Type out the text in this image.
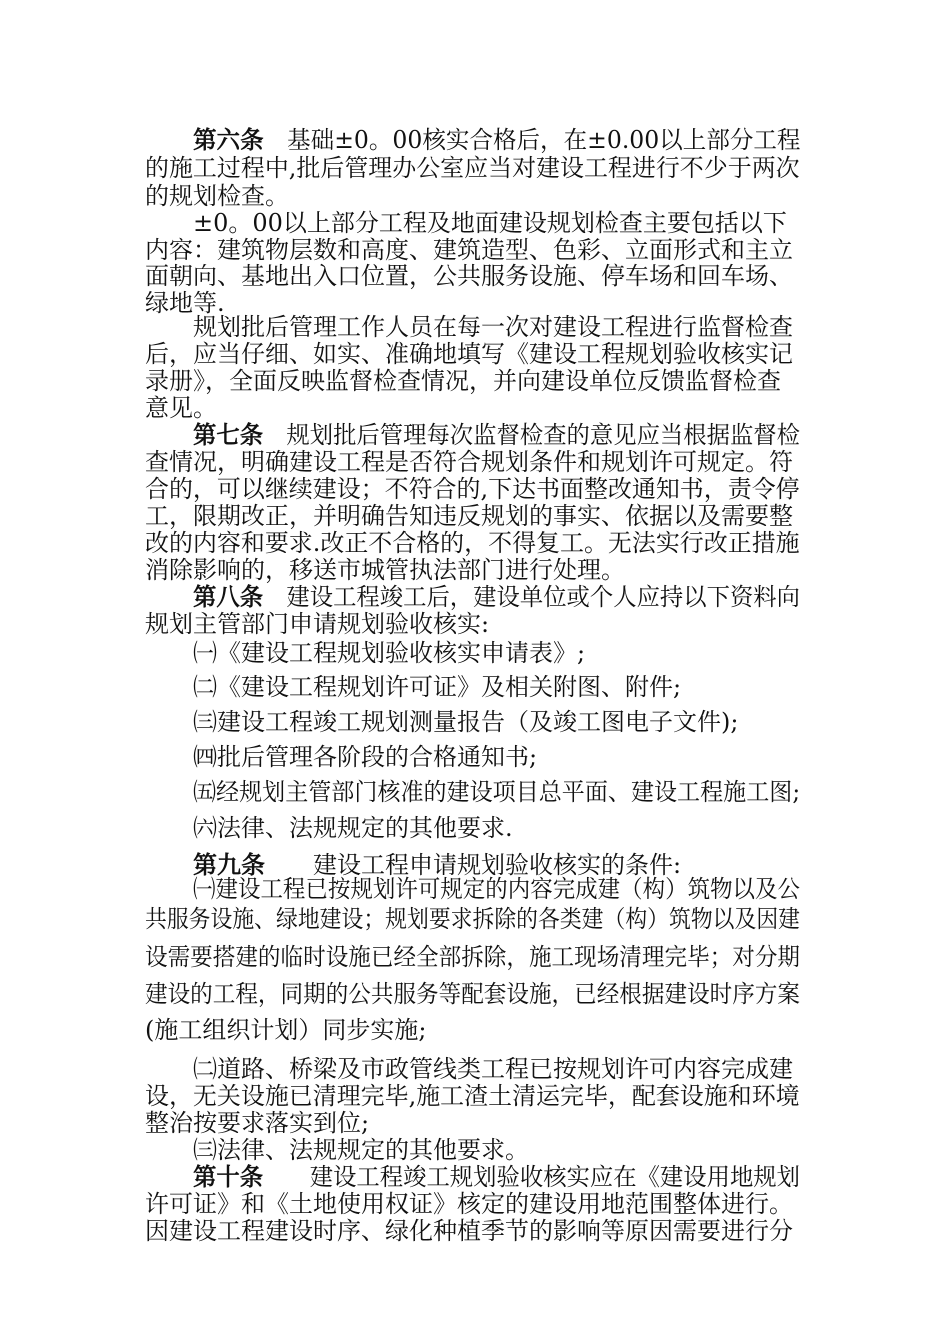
第六条　基础±0。00核实合格后，在±0.00以上部分工程
的施工过程中,批后管理办公室应当对建设工程进行不少于两次
的规划检查。
±0。00以上部分工程及地面建设规划检查主要包括以下
内容：建筑物层数和高度、建筑造型、色彩、立面形式和主立
面朝向、基地出入口位置，公共服务设施、停车场和回车场、
绿地等.
规划批后管理工作人员在每一次对建设工程进行监督检查
后，应当仔细、如实、准确地填写《建设工程规划验收核实记
录册》，全面反映监督检查情况，并向建设单位反馈监督检查
意见。
第七条　规划批后管理每次监督检查的意见应当根据监督检
查情况，明确建设工程是否符合规划条件和规划许可规定。符
合的，可以继续建设；不符合的,下达书面整改通知书，责令停
工，限期改正，并明确告知违反规划的事实、依据以及需要整
改的内容和要求.改正不合格的，不得复工。无法实行改正措施
消除影响的，移送市城管执法部门进行处理。
第八条　建设工程竣工后，建设单位或个人应持以下资料向
规划主管部门申请规划验收核实:
㈠《建设工程规划验收核实申请表》;
㈡《建设工程规划许可证》及相关附图、附件;
㈢建设工程竣工规划测量报告（及竣工图电子文件);
㈣批后管理各阶段的合格通知书;
㈤经规划主管部门核准的建设项目总平面、建设工程施工图;
㈥法律、法规规定的其他要求.
第九条　　建设工程申请规划验收核实的条件:
㈠建设工程已按规划许可规定的内容完成建（构）筑物以及公
共服务设施、绿地建设；规划要求拆除的各类建（构）筑物以及因建
设需要搭建的临时设施已经全部拆除，施工现场清理完毕；对分期
建设的工程，同期的公共服务等配套设施，已经根据建设时序方案
(施工组织计划）同步实施;
㈡道路、桥梁及市政管线类工程已按规划许可内容完成建
设，无关设施已清理完毕,施工渣土清运完毕，配套设施和环境
整治按要求落实到位;
㈢法律、法规规定的其他要求。
第十条　　建设工程竣工规划验收核实应在《建设用地规划
许可证》和《土地使用权证》核定的建设用地范围整体进行。
因建设工程建设时序、绿化种植季节的影响等原因需要进行分
